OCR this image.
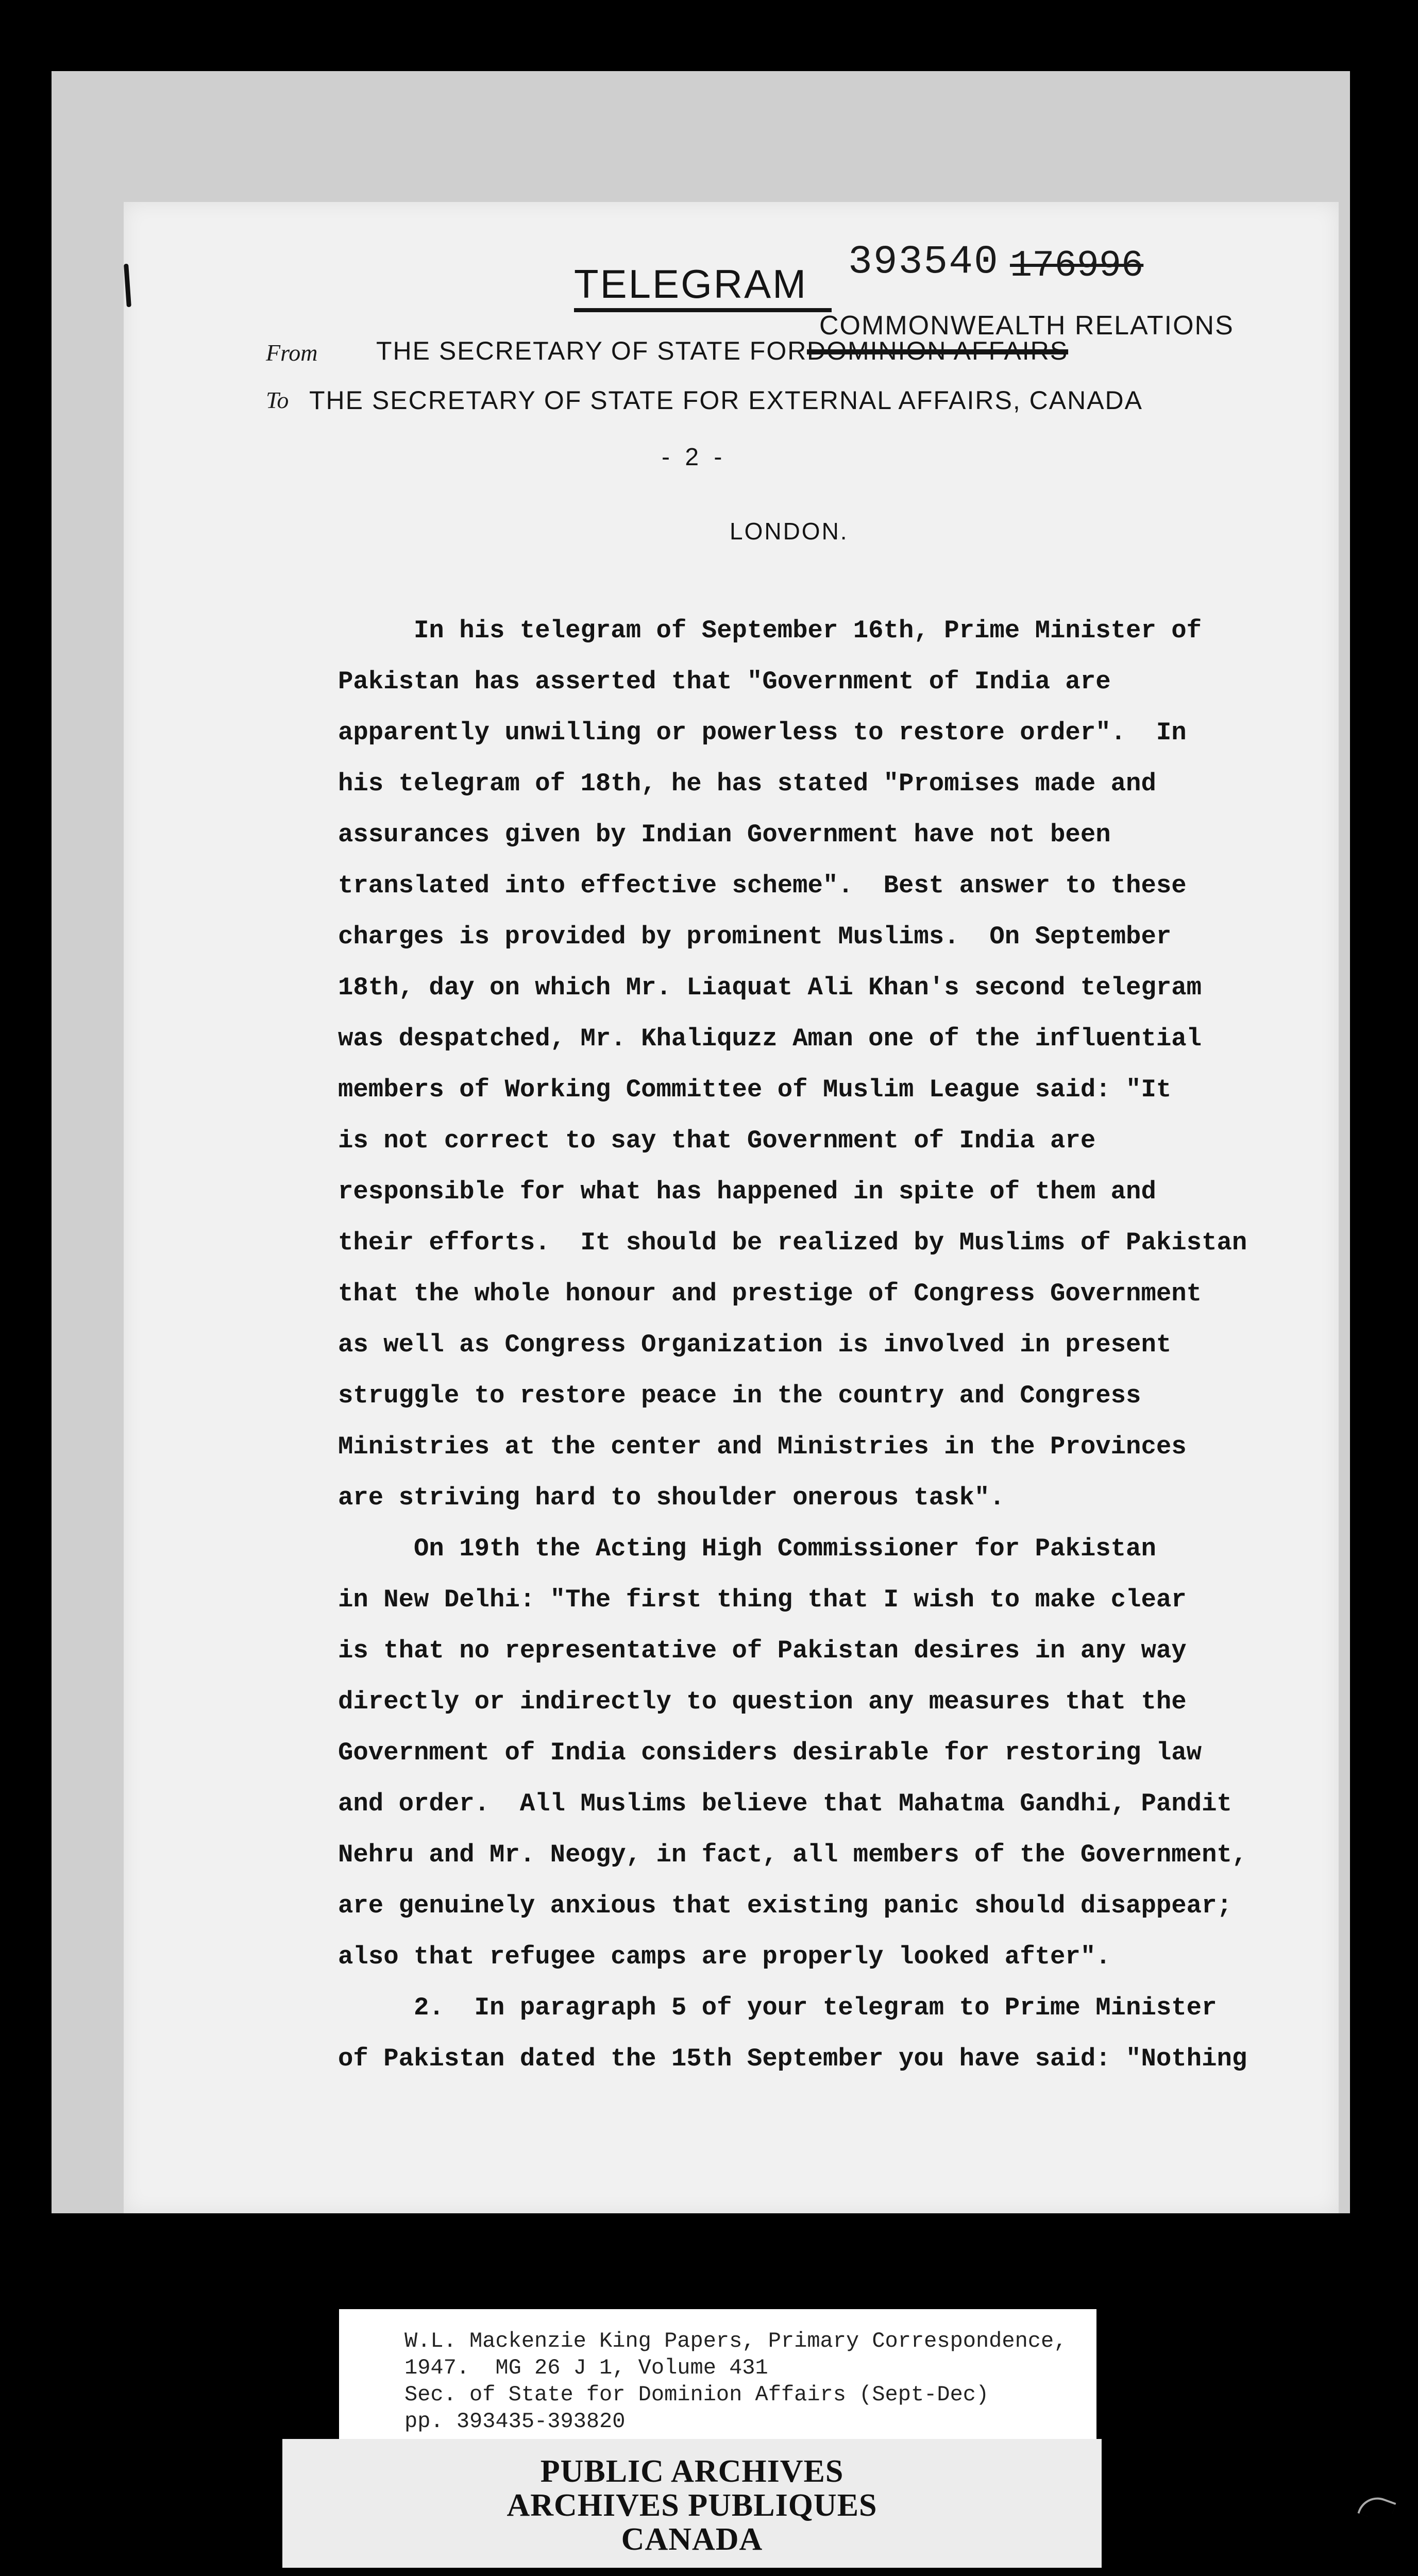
393540 176996
TELEGRAM
COMMONWEALTH RELATIONS
From THE SECRETARY OF STATE FOR DOMINION AFFAIRS
To THE SECRETARY OF STATE FOR EXTERNAL AFFAIRS, CANADA
- 2 -
LONDON.
In his telegram of September 16th, Prime Minister of
Pakistan has asserted that "Government of India are
apparently unwilling or powerless to restore order".  In
his telegram of 18th, he has stated "Promises made and
assurances given by Indian Government have not been
translated into effective scheme".  Best answer to these
charges is provided by prominent Muslims.  On September
18th, day on which Mr. Liaquat Ali Khan's second telegram
was despatched, Mr. Khaliquzz Aman one of the influential
members of Working Committee of Muslim League said: "It
is not correct to say that Government of India are
responsible for what has happened in spite of them and
their efforts.  It should be realized by Muslims of Pakistan
that the whole honour and prestige of Congress Government
as well as Congress Organization is involved in present
struggle to restore peace in the country and Congress
Ministries at the center and Ministries in the Provinces
are striving hard to shoulder onerous task".
On 19th the Acting High Commissioner for Pakistan
in New Delhi: "The first thing that I wish to make clear
is that no representative of Pakistan desires in any way
directly or indirectly to question any measures that the
Government of India considers desirable for restoring law
and order.  All Muslims believe that Mahatma Gandhi, Pandit
Nehru and Mr. Neogy, in fact, all members of the Government,
are genuinely anxious that existing panic should disappear;
also that refugee camps are properly looked after".
2.  In paragraph 5 of your telegram to Prime Minister
of Pakistan dated the 15th September you have said: "Nothing
W.L. Mackenzie King Papers, Primary Correspondence,
1947.  MG 26 J 1, Volume 431
Sec. of State for Dominion Affairs (Sept-Dec)
pp. 393435-393820
PUBLIC ARCHIVES
ARCHIVES PUBLIQUES
CANADA
